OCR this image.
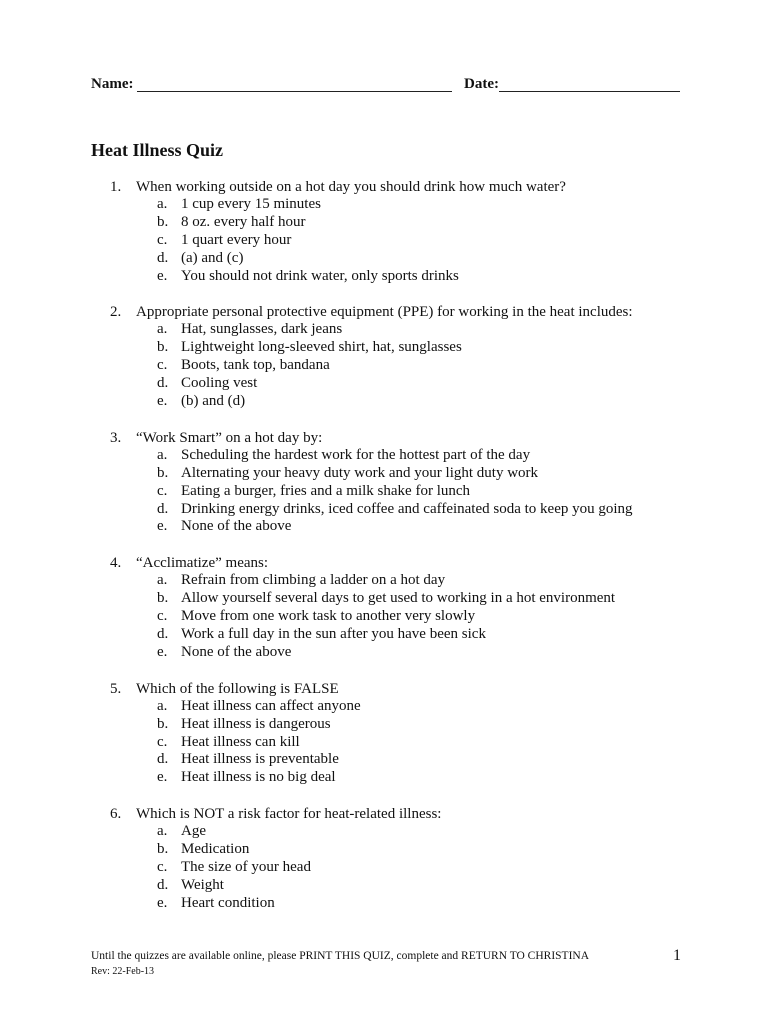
Name:	Date:
Heat Illness Quiz
1. When working outside on a hot day you should drink how much water?
a. 1 cup every 15 minutes
b. 8 oz. every half hour
c. 1 quart every hour
d. (a) and (c)
e. You should not drink water, only sports drinks
2. Appropriate personal protective equipment (PPE) for working in the heat includes:
a. Hat, sunglasses, dark jeans
b. Lightweight long-sleeved shirt, hat, sunglasses
c. Boots, tank top, bandana
d. Cooling vest
e. (b) and (d)
3. “Work Smart” on a hot day by:
a. Scheduling the hardest work for the hottest part of the day
b. Alternating your heavy duty work and your light duty work
c. Eating a burger, fries and a milk shake for lunch
d. Drinking energy drinks, iced coffee and caffeinated soda to keep you going
e. None of the above
4. “Acclimatize” means:
a. Refrain from climbing a ladder on a hot day
b. Allow yourself several days to get used to working in a hot environment
c. Move from one work task to another very slowly
d. Work a full day in the sun after you have been sick
e. None of the above
5. Which of the following is FALSE
a. Heat illness can affect anyone
b. Heat illness is dangerous
c. Heat illness can kill
d. Heat illness is preventable
e. Heat illness is no big deal
6. Which is NOT a risk factor for heat-related illness:
a. Age
b. Medication
c. The size of your head
d. Weight
e. Heart condition
Until the quizzes are available online, please PRINT THIS QUIZ, complete and RETURN TO CHRISTINA	1
Rev: 22-Feb-13
